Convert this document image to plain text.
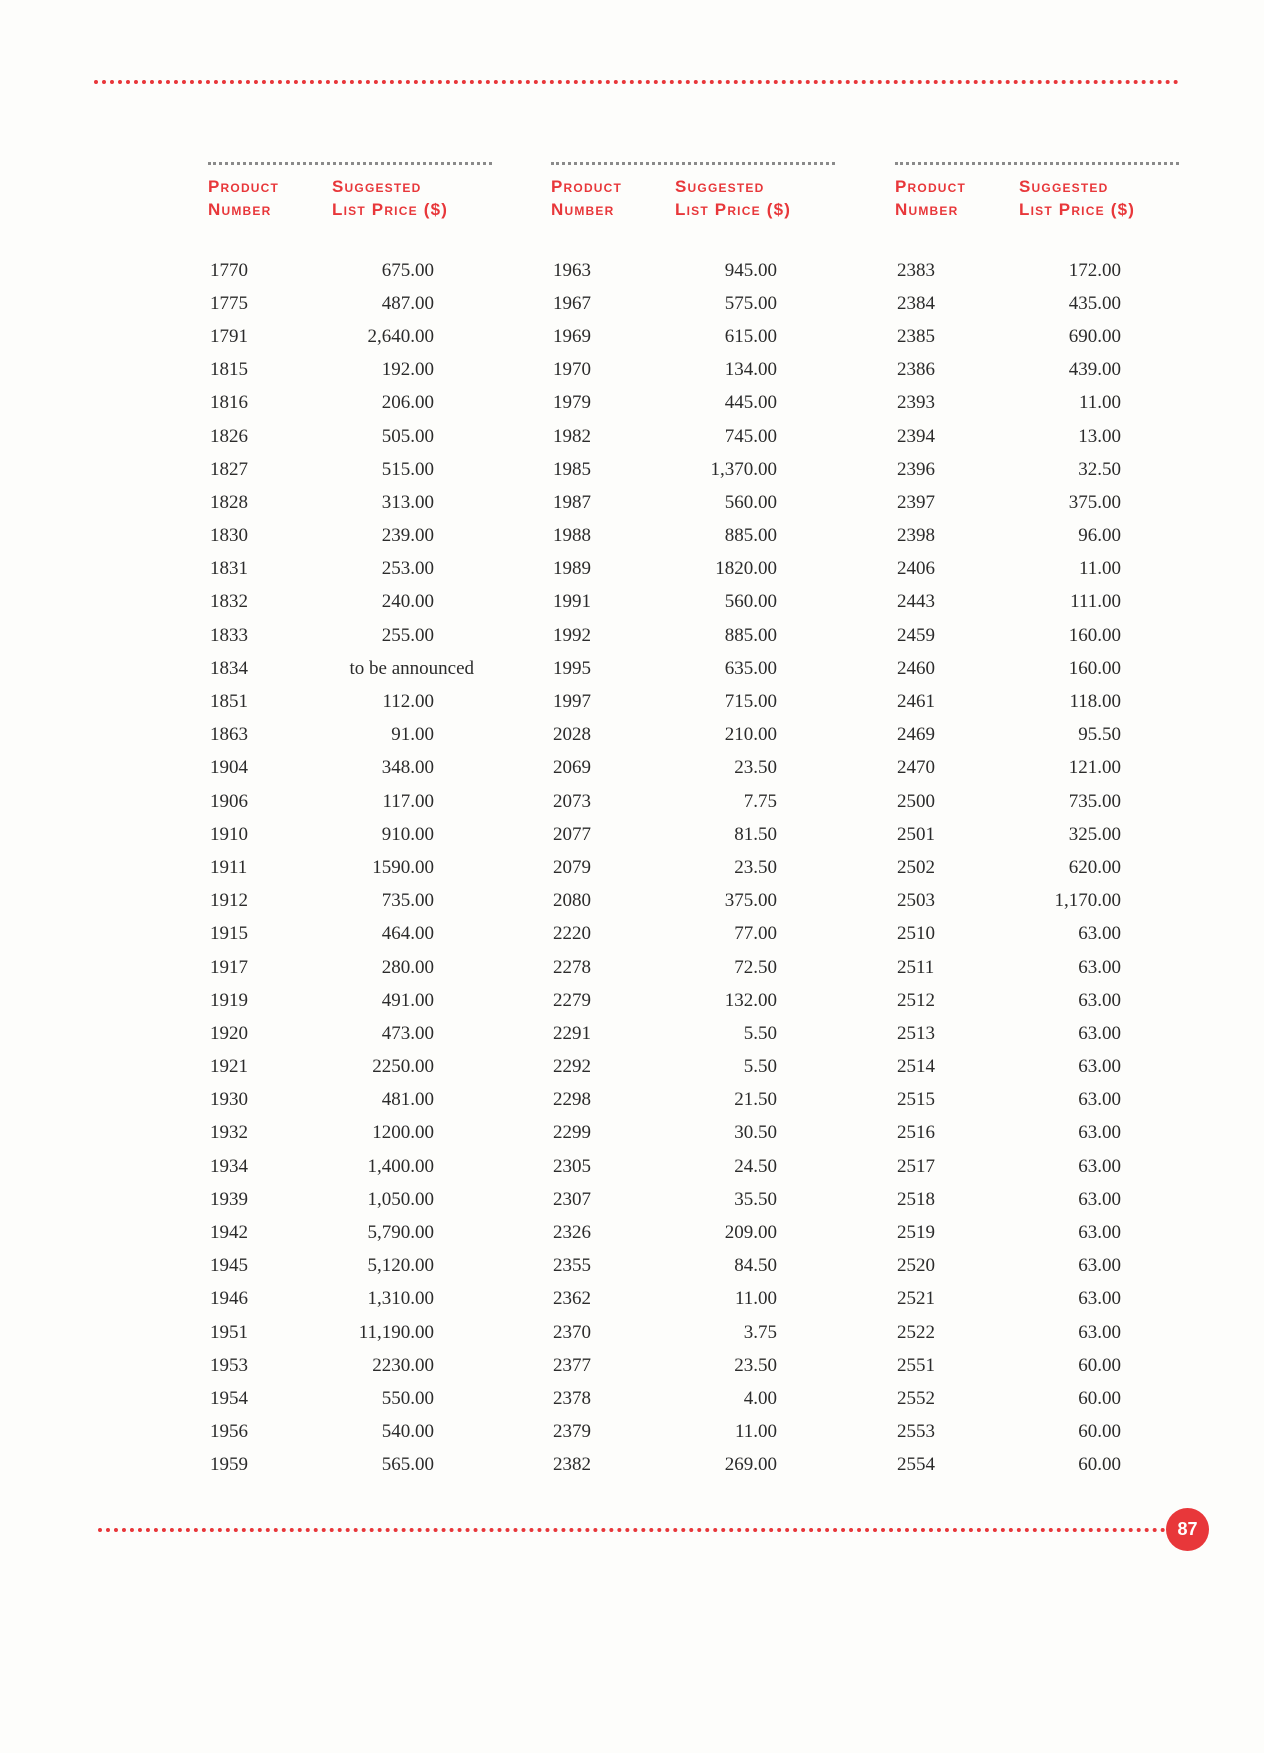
Product
Number
Suggested
List Price ($)
1770	675.00
1775	487.00
1791	2,640.00
1815	192.00
1816	206.00
1826	505.00
1827	515.00
1828	313.00
1830	239.00
1831	253.00
1832	240.00
1833	255.00
1834	to be announced
1851	112.00
1863	91.00
1904	348.00
1906	117.00
1910	910.00
1911	1590.00
1912	735.00
1915	464.00
1917	280.00
1919	491.00
1920	473.00
1921	2250.00
1930	481.00
1932	1200.00
1934	1,400.00
1939	1,050.00
1942	5,790.00
1945	5,120.00
1946	1,310.00
1951	11,190.00
1953	2230.00
1954	550.00
1956	540.00
1959	565.00
Product
Number
Suggested
List Price ($)
1963	945.00
1967	575.00
1969	615.00
1970	134.00
1979	445.00
1982	745.00
1985	1,370.00
1987	560.00
1988	885.00
1989	1820.00
1991	560.00
1992	885.00
1995	635.00
1997	715.00
2028	210.00
2069	23.50
2073	7.75
2077	81.50
2079	23.50
2080	375.00
2220	77.00
2278	72.50
2279	132.00
2291	5.50
2292	5.50
2298	21.50
2299	30.50
2305	24.50
2307	35.50
2326	209.00
2355	84.50
2362	11.00
2370	3.75
2377	23.50
2378	4.00
2379	11.00
2382	269.00
Product
Number
Suggested
List Price ($)
2383	172.00
2384	435.00
2385	690.00
2386	439.00
2393	11.00
2394	13.00
2396	32.50
2397	375.00
2398	96.00
2406	11.00
2443	111.00
2459	160.00
2460	160.00
2461	118.00
2469	95.50
2470	121.00
2500	735.00
2501	325.00
2502	620.00
2503	1,170.00
2510	63.00
2511	63.00
2512	63.00
2513	63.00
2514	63.00
2515	63.00
2516	63.00
2517	63.00
2518	63.00
2519	63.00
2520	63.00
2521	63.00
2522	63.00
2551	60.00
2552	60.00
2553	60.00
2554	60.00
87
